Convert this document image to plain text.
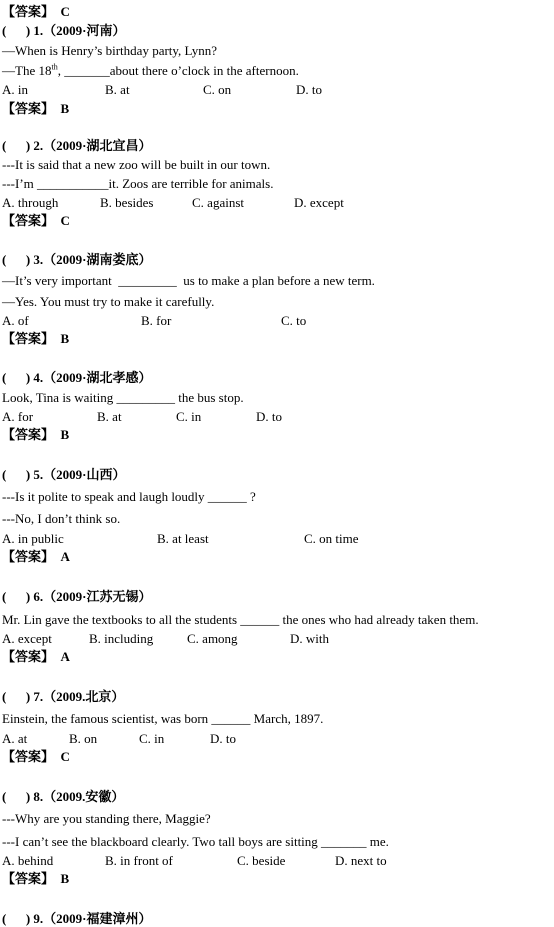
【答案】 C
(      ) 1.（2009·河南）
—When is Henry’s birthday party, Lynn?
—The 18th, _______about there o’clock in the afternoon.
A. in	B. at	C. on	D. to
【答案】 B
(      ) 2.（2009·湖北宜昌）
---It is said that a new zoo will be built in our town.
---I’m ___________it. Zoos are terrible for animals.
A. through	B. besides	C. against	D. except
【答案】 C
(      ) 3.（2009·湖南娄底）
—It’s very important  _________  us to make a plan before a new term.
—Yes. You must try to make it carefully.
A. of	B. for	C. to
【答案】 B
(      ) 4.（2009·湖北孝感）
Look, Tina is waiting _________ the bus stop.
A. for	B. at	C. in	D. to
【答案】 B
(      ) 5.（2009·山西）
---Is it polite to speak and laugh loudly ______ ?
---No, I don’t think so.
A. in public	B. at least	C. on time
【答案】 A
(      ) 6.（2009·江苏无锡）
Mr. Lin gave the textbooks to all the students ______ the ones who had already taken them.
A. except	B. including	C. among	D. with
【答案】 A
(      ) 7.（2009.北京）
Einstein, the famous scientist, was born ______ March, 1897.
A. at	B. on	C. in	D. to
【答案】 C
(      ) 8.（2009.安徽）
---Why are you standing there, Maggie?
---I can’t see the blackboard clearly. Two tall boys are sitting _______ me.
A. behind	B. in front of	C. beside	D. next to
【答案】 B
(      ) 9.（2009·福建漳州）
